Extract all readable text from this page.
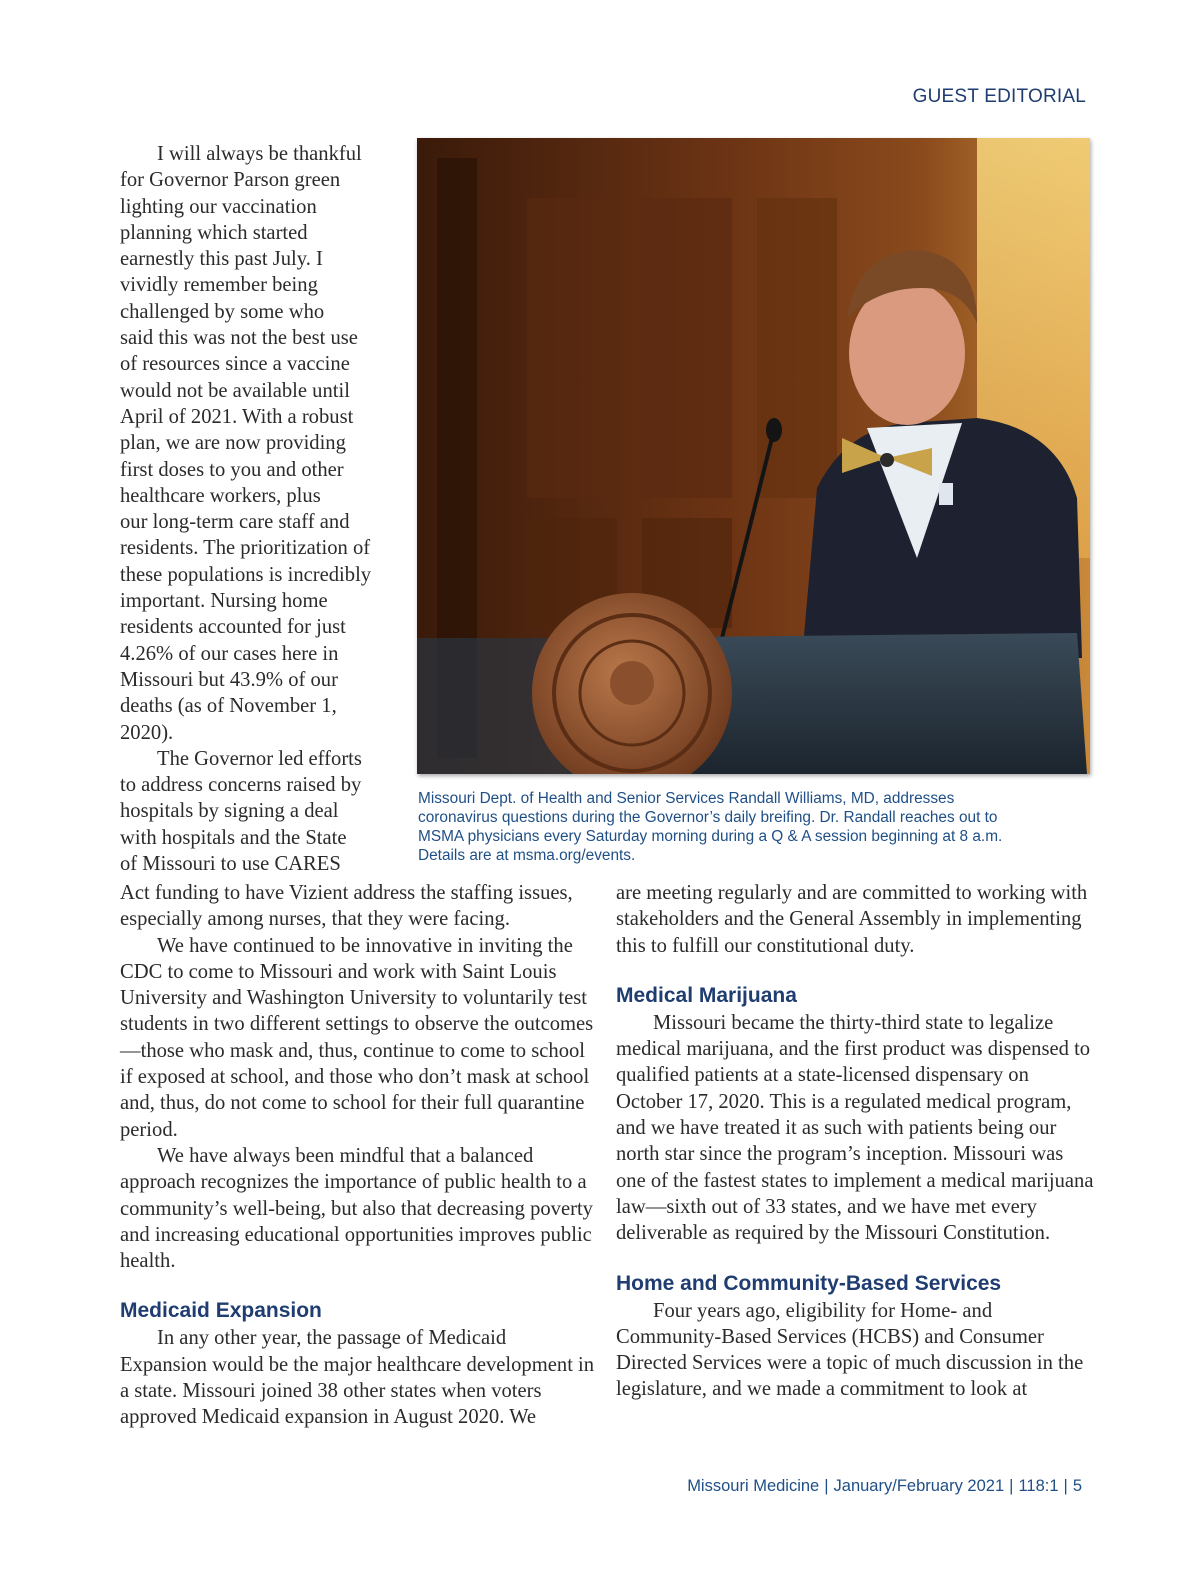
GUEST EDITORIAL

I will always be thankful
for Governor Parson green
lighting our vaccination
planning which started
earnestly this past July. I
vividly remember being
challenged by some who
said this was not the best use
of resources since a vaccine
would not be available until
April of 2021. With a robust
plan, we are now providing
first doses to you and other
healthcare workers, plus
our long-term care staff and
residents. The prioritization of
these populations is incredibly
important. Nursing home
residents accounted for just
4.26% of our cases here in
Missouri but 43.9% of our
deaths (as of November 1,
2020).

The Governor led efforts
to address concerns raised by
hospitals by signing a deal
with hospitals and the State
of Missouri to use CARES

Missouri Dept. of Health and Senior Services Randall Williams, MD, addresses
coronavirus questions during the Governor’s daily breifing. Dr. Randall reaches out to
MSMA physicians every Saturday morning during a Q & A session beginning at 8 a.m.
Details are at msma.org/events.

Act funding to have Vizient address the staffing issues, especially among nurses, that they were facing.

We have continued to be innovative in inviting the CDC to come to Missouri and work with Saint Louis University and Washington University to voluntarily test students in two different settings to observe the outcomes—those who mask and, thus, continue to come to school if exposed at school, and those who don’t mask at school and, thus, do not come to school for their full quarantine period.

We have always been mindful that a balanced approach recognizes the importance of public health to a community’s well-being, but also that decreasing poverty and increasing educational opportunities improves public health.

Medicaid Expansion

In any other year, the passage of Medicaid Expansion would be the major healthcare development in a state. Missouri joined 38 other states when voters approved Medicaid expansion in August 2020. We

are meeting regularly and are committed to working with stakeholders and the General Assembly in implementing this to fulfill our constitutional duty.

Medical Marijuana

Missouri became the thirty-third state to legalize medical marijuana, and the first product was dispensed to qualified patients at a state-licensed dispensary on October 17, 2020. This is a regulated medical program, and we have treated it as such with patients being our north star since the program’s inception. Missouri was one of the fastest states to implement a medical marijuana law—sixth out of 33 states, and we have met every deliverable as required by the Missouri Constitution.

Home and Community-Based Services

Four years ago, eligibility for Home- and Community-Based Services (HCBS) and Consumer Directed Services were a topic of much discussion in the legislature, and we made a commitment to look at

Missouri Medicine | January/February 2021 | 118:1 | 5
